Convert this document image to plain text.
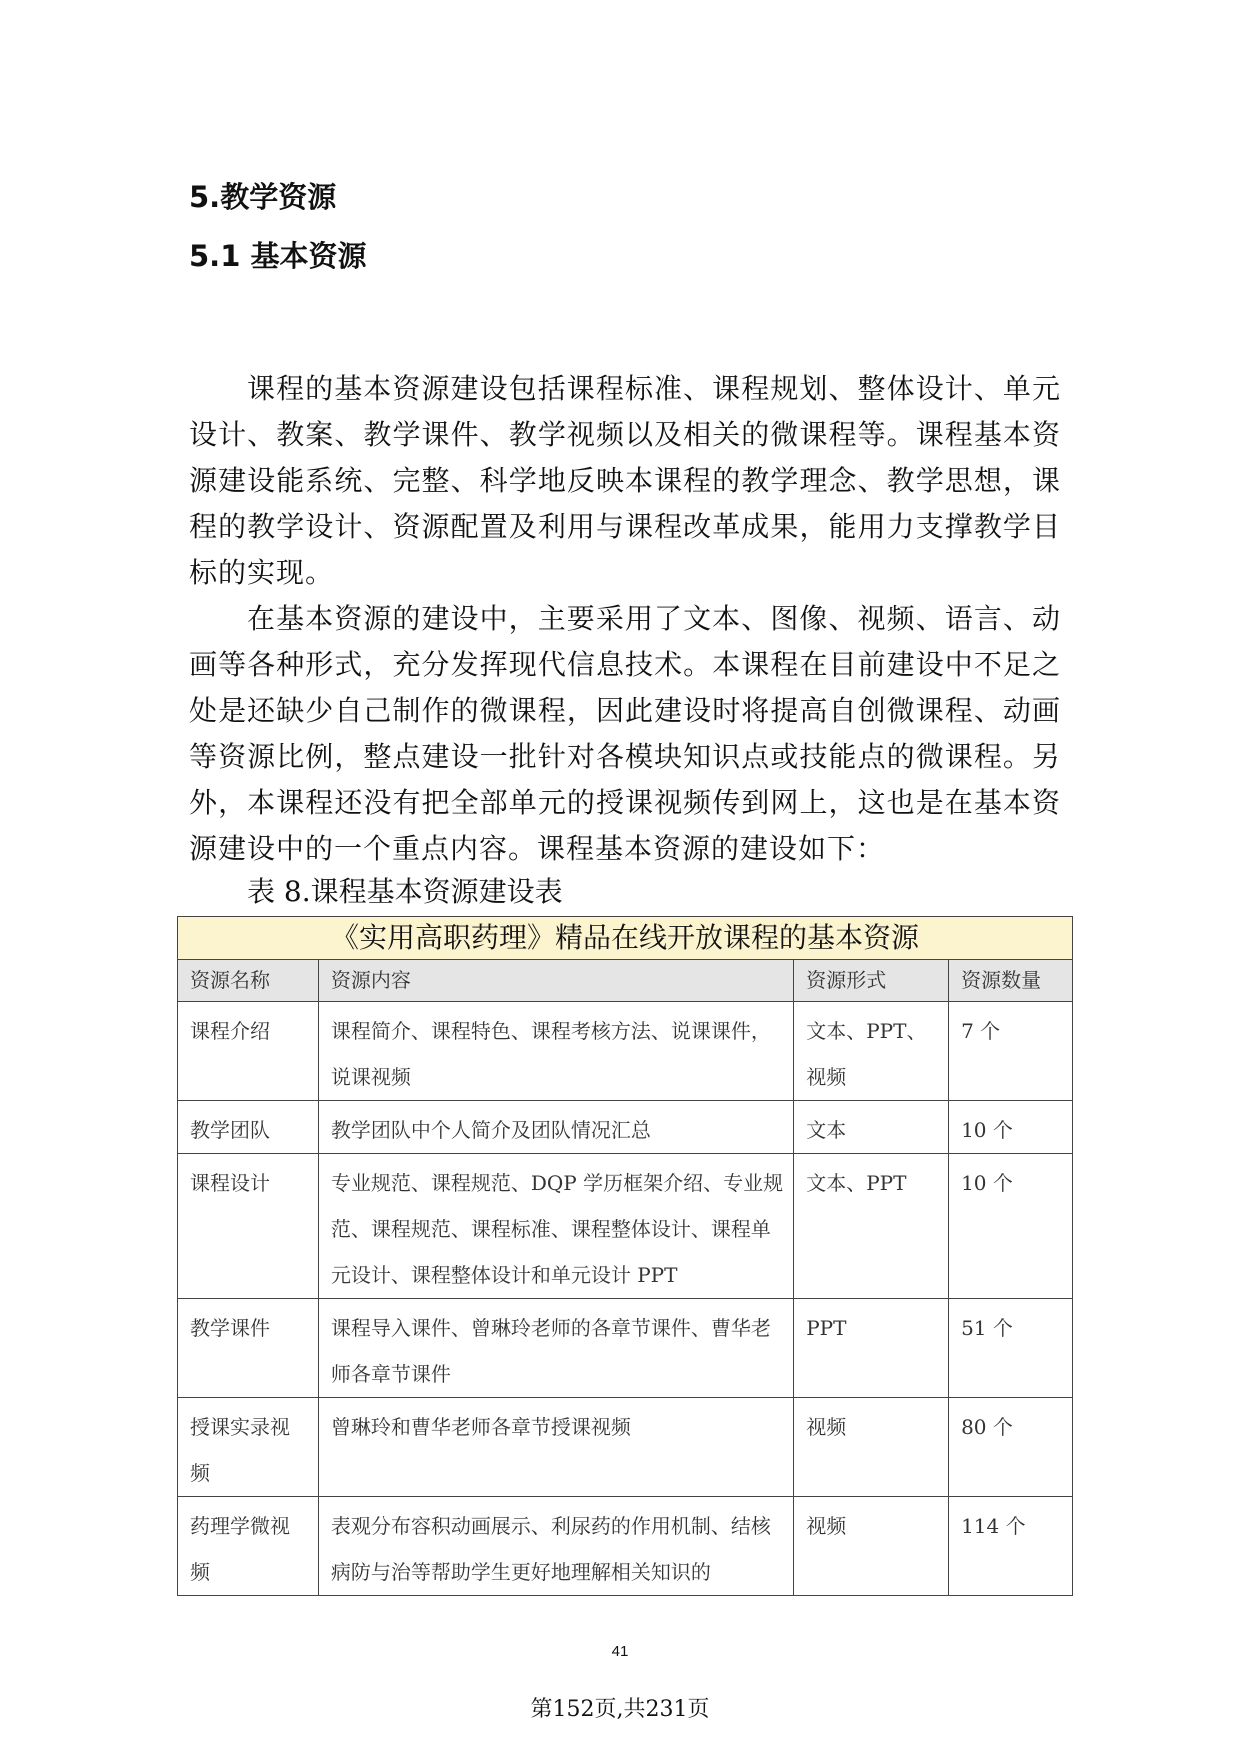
5.教学资源
5.1 基本资源

课程的基本资源建设包括课程标准、课程规划、整体设计、单元设计、教案、教学课件、教学视频以及相关的微课程等。课程基本资源建设能系统、完整、科学地反映本课程的教学理念、教学思想，课程的教学设计、资源配置及利用与课程改革成果，能用力支撑教学目标的实现。

在基本资源的建设中，主要采用了文本、图像、视频、语言、动画等各种形式，充分发挥现代信息技术。本课程在目前建设中不足之处是还缺少自己制作的微课程，因此建设时将提高自创微课程、动画等资源比例，整点建设一批针对各模块知识点或技能点的微课程。另外，本课程还没有把全部单元的授课视频传到网上，这也是在基本资源建设中的一个重点内容。课程基本资源的建设如下：

表 8.课程基本资源建设表
《实用高职药理》精品在线开放课程的基本资源			
资源名称	资源内容	资源形式	资源数量
课程介绍	课程简介、课程特色、课程考核方法、说课课件，说课视频	文本、PPT、视频	7 个
教学团队	教学团队中个人简介及团队情况汇总	文本	10 个
课程设计	专业规范、课程规范、DQP 学历框架介绍、专业规范、课程规范、课程标准、课程整体设计、课程单元设计、课程整体设计和单元设计 PPT	文本、PPT	10 个
教学课件	课程导入课件、曾琳玲老师的各章节课件、曹华老师各章节课件	PPT	51 个
授课实录视频	曾琳玲和曹华老师各章节授课视频	视频	80 个
药理学微视频	表观分布容积动画展示、利尿药的作用机制、结核病防与治等帮助学生更好地理解相关知识的	视频	114 个
41
第152页,共231页
